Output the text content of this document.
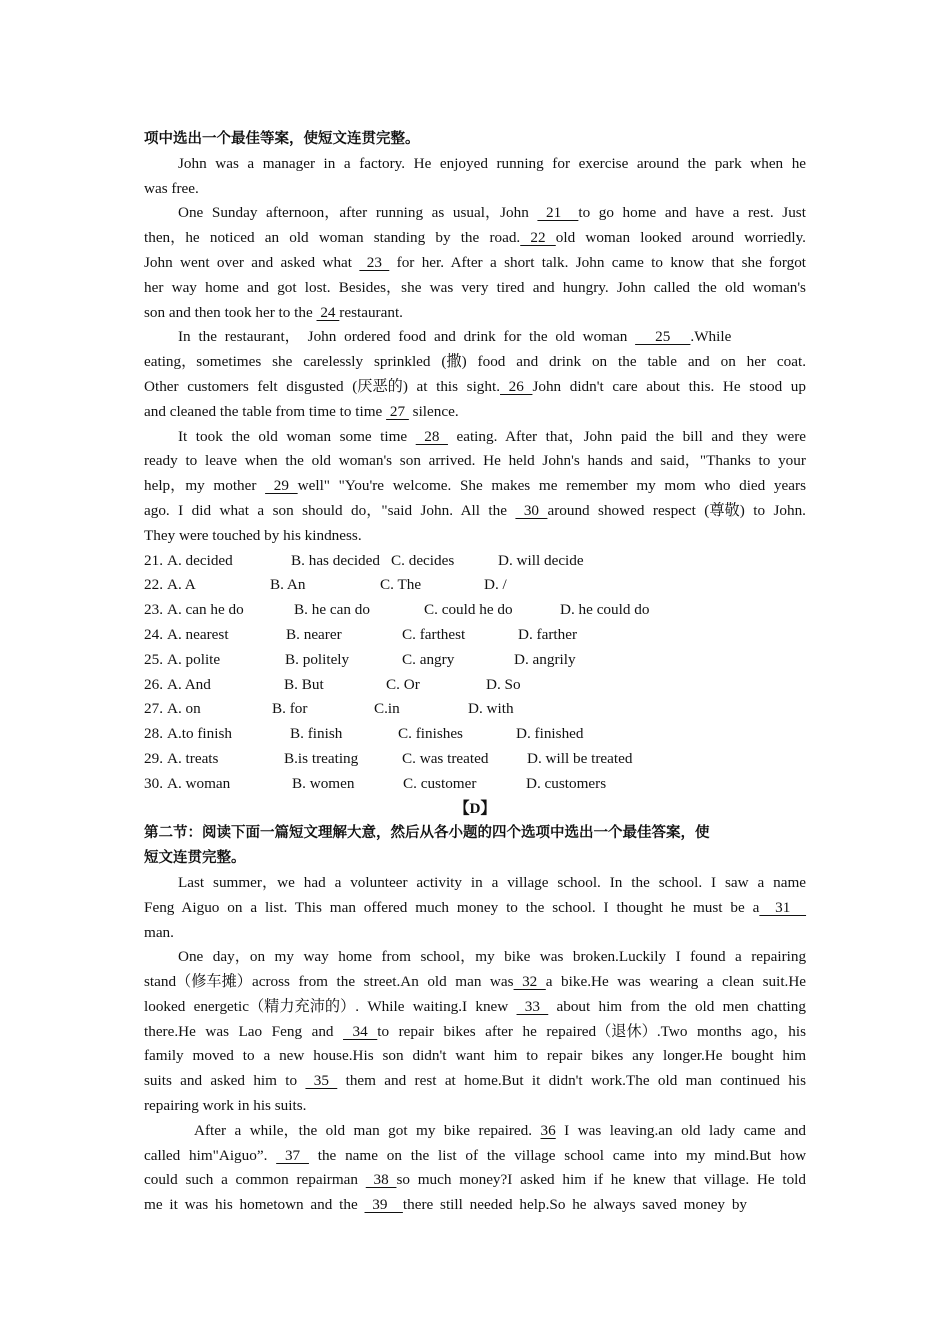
项中选出一个最佳等案，使短文连贯完整。
John was a manager in a factory. He enjoyed running for exercise around the park when he
was free.
One Sunday afternoon，after running as usual，John  21  to go home and have a rest. Just
then，he noticed an old woman standing by the road. 22 old woman looked around worriedly.
John went over and asked what  23  for her. After a short talk. John came to know that she forgot
her way home and got lost. Besides，she was very tired and hungry. John called the old woman's
son and then took her to the  24 restaurant.
In the restaurant， John ordered food and drink for the old woman   25  .While
eating，sometimes she carelessly sprinkled (撒) food and drink on the table and on her coat.
Other customers felt disgusted (厌恶的) at this sight. 26 John didn't care about this. He stood up
and cleaned the table from time to time  27  silence.
It took the old woman some time  28  eating. After that，John paid the bill and they were
ready to leave when the old woman's son arrived. He held John's hands and said，"Thanks to your
help，my mother  29 well" "You're welcome. She makes me remember my mom who died years
ago. I did what a son should do，"said John. All the  30 around showed respect (尊敬) to John.
They were touched by his kindness.
21. A. decided	B. has decided C. decides	D. will decide
22. A. A	B. An	C. The	D. /
23. A. can he do	B. he can do	C. could he do	D. he could do
24. A. nearest	B. nearer	C. farthest	D. farther
25. A. polite	B. politely	C. angry	D. angrily
26. A. And	B. But	C. Or	D. So
27. A. on	B. for	C.in	D. with
28. A.to finish	B. finish	C. finishes	D. finished
29. A. treats	B.is treating	C. was treated	D. will be treated
30. A. woman	B. women	C. customer	D. customers
【D】
第二节：阅读下面一篇短文理解大意，然后从各小题的四个选项中选出一个最佳答案，使
短文连贯完整。
Last summer，we had a volunteer activity in a village school. In the school. I saw a name
Feng Aiguo on a list. This man offered much money to the school. I thought he must be a  31
man.
One day，on my way home from school，my bike was broken.Luckily I found a repairing
stand（修车摊）across from the street.An old man was 32 a bike.He was wearing a clean suit.He
looked energetic（精力充沛的）. While waiting.I knew  33  about him from the old men chatting
there.He was Lao Feng and  34 to repair bikes after he repaired（退休）.Two months ago，his
family moved to a new house.His son didn't want him to repair bikes any longer.He bought him
suits and asked him to  35  them and rest at home.But it didn't work.The old man continued his
repairing work in his suits.
After a while，the old man got my bike repaired. 36 I was leaving.an old lady came and
called him"Aiguo”.  37  the name on the list of the village school came into my mind.But how
could such a common repairman  38 so much money?I asked him if he knew that village. He told
me it was his hometown and the  39  there still needed help.So he always saved money by
